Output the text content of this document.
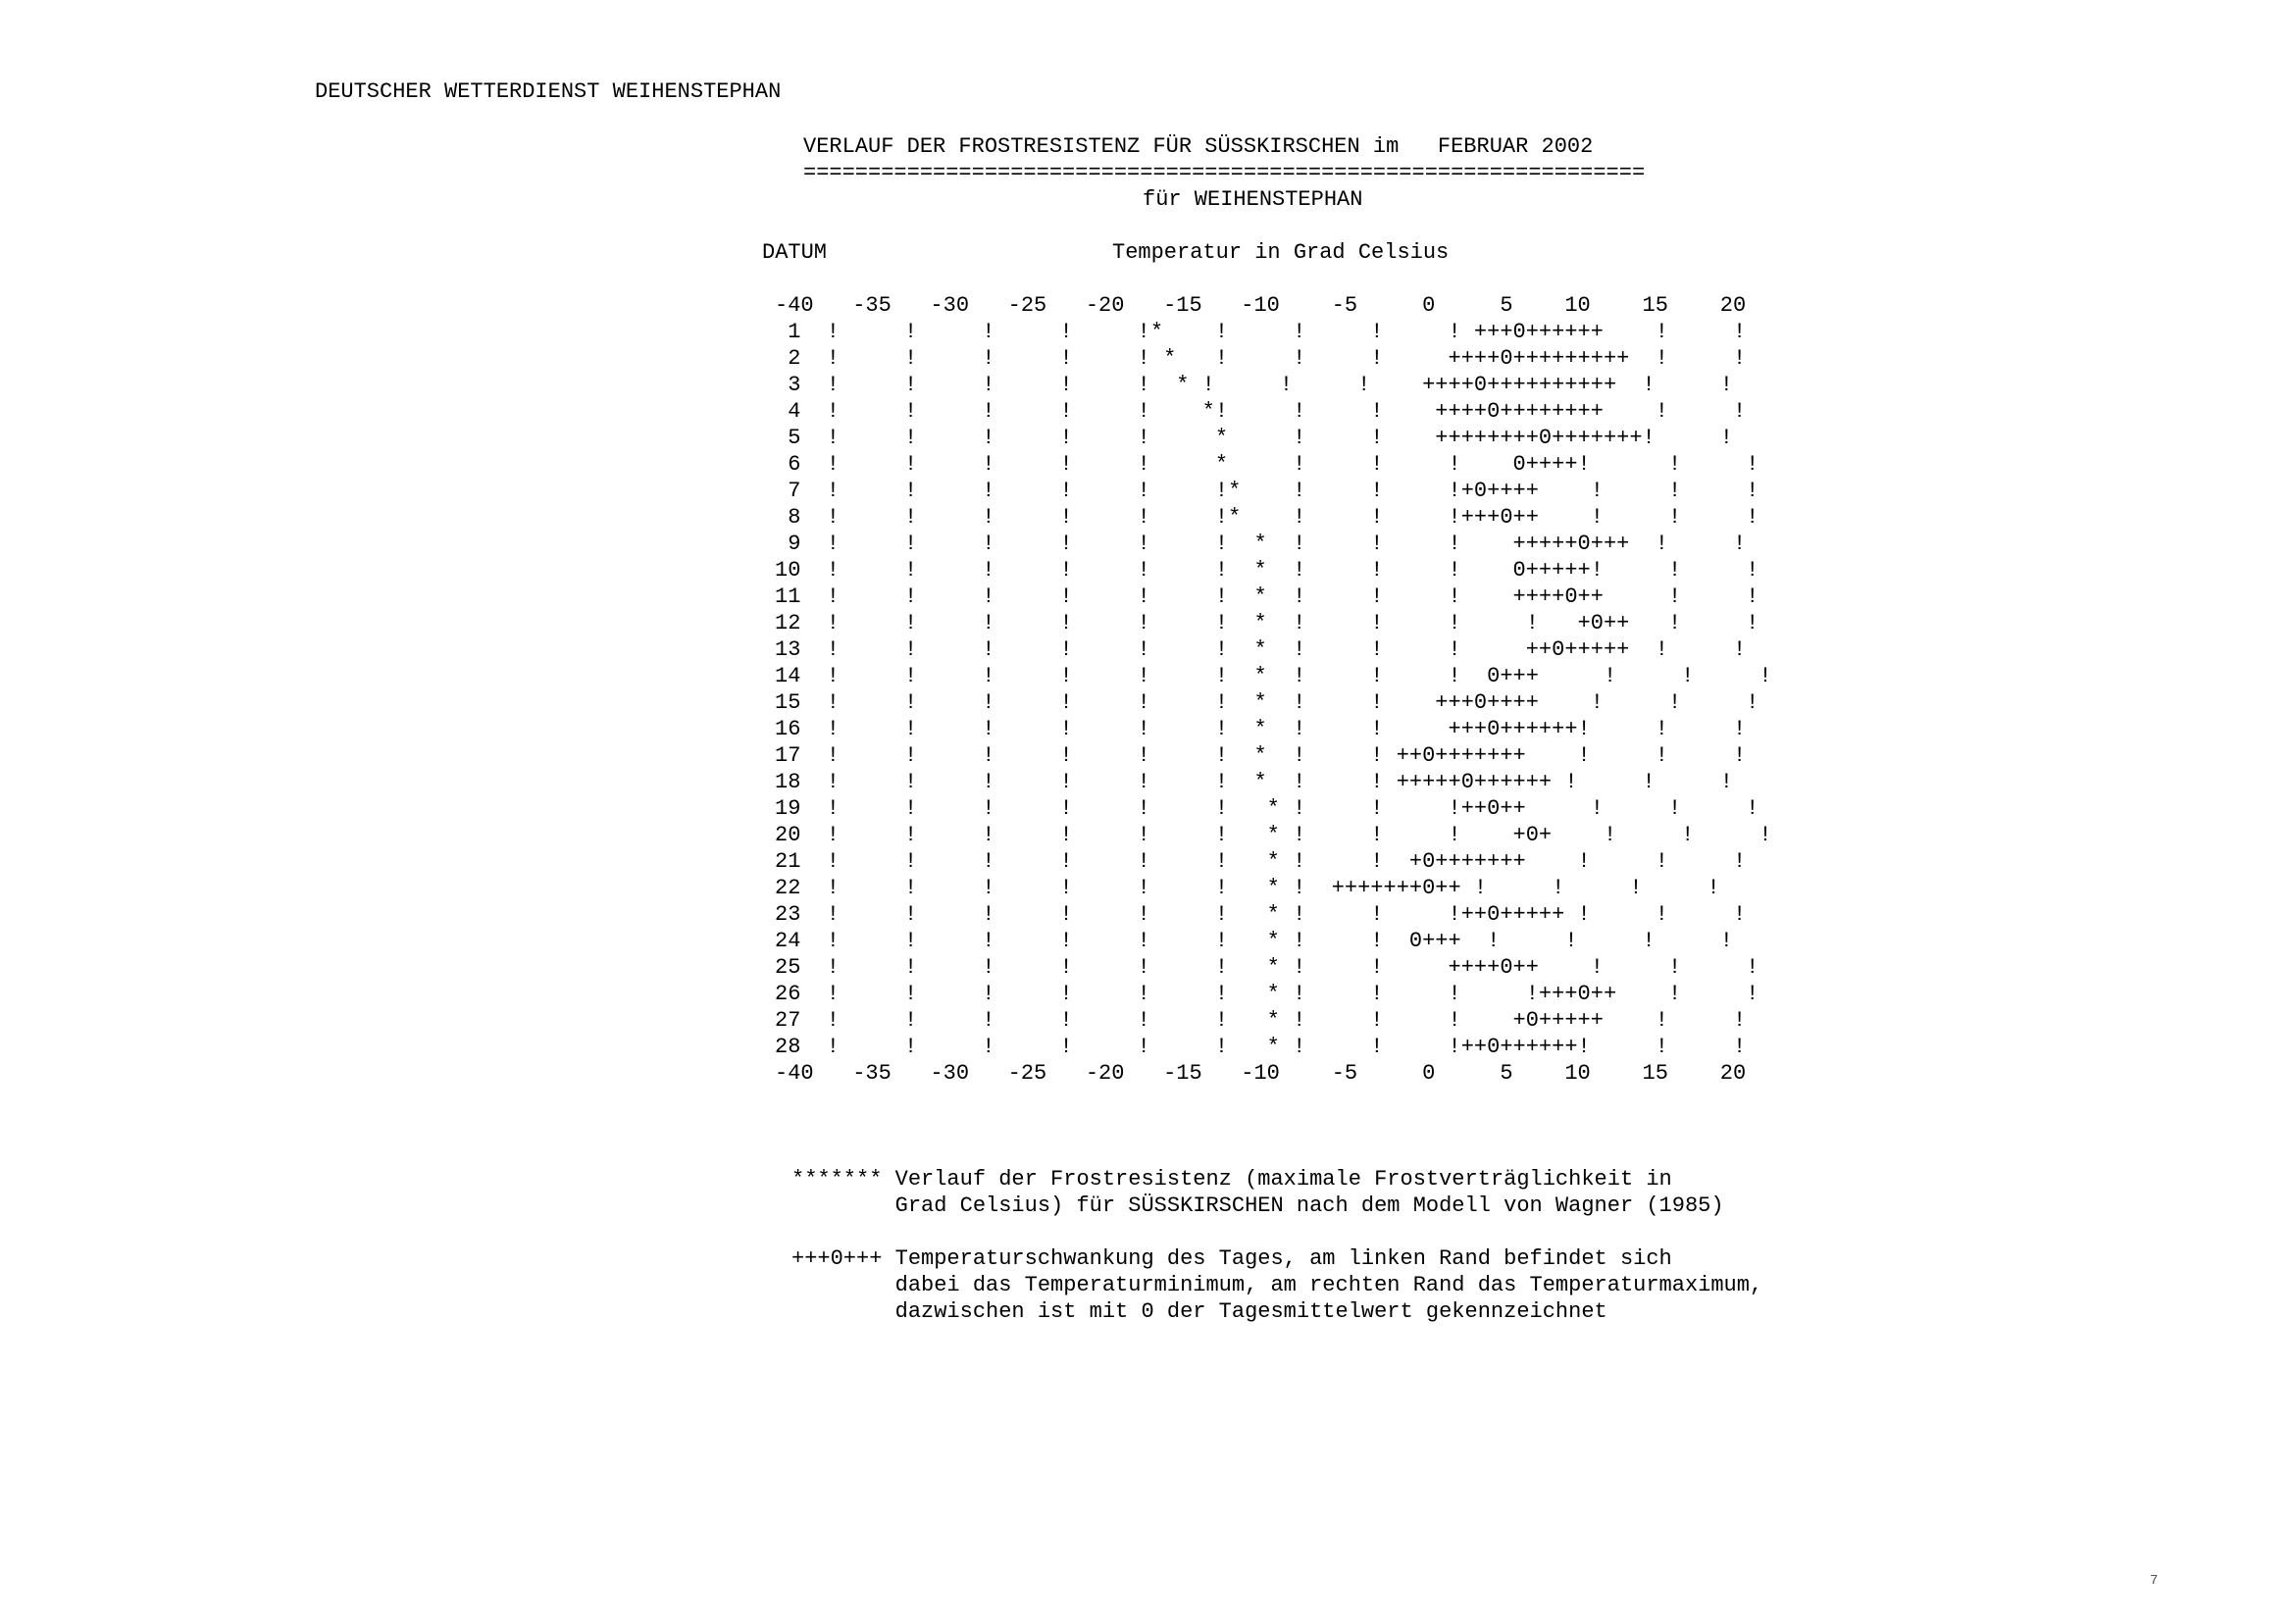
DEUTSCHER WETTERDIENST WEIHENSTEPHAN
VERLAUF DER FROSTRESISTENZ FÜR SÜSSKIRSCHEN im   FEBRUAR 2002
=================================================================
für WEIHENSTEPHAN
DATUM	Temperatur in Grad Celsius
-40   -35   -30   -25   -20   -15   -10    -5     0     5    10    15    20
1  !     !     !     !     !*    !     !     !     ! +++0++++++    !     !
2  !     !     !     !     ! *   !     !     !     ++++0+++++++++  !     !
3  !     !     !     !     !  * !     !     !    ++++0++++++++++  !     !
4  !     !     !     !     !    *!     !     !    ++++0++++++++    !     !
5  !     !     !     !     !     *     !     !    ++++++++0+++++++!     !
6  !     !     !     !     !     *     !     !     !    0++++!      !     !
7  !     !     !     !     !     !*    !     !     !+0++++    !     !     !
8  !     !     !     !     !     !*    !     !     !+++0++    !     !     !
9  !     !     !     !     !     !  *  !     !     !    +++++0+++  !     !
10  !     !     !     !     !     !  *  !     !     !    0+++++!     !     !
11  !     !     !     !     !     !  *  !     !     !    ++++0++     !     !
12  !     !     !     !     !     !  *  !     !     !     !   +0++   !     !
13  !     !     !     !     !     !  *  !     !     !     ++0+++++  !     !
14  !     !     !     !     !     !  *  !     !     !  0+++     !     !     !
15  !     !     !     !     !     !  *  !     !    +++0++++    !     !     !
16  !     !     !     !     !     !  *  !     !     +++0++++++!     !     !
17  !     !     !     !     !     !  *  !     ! ++0+++++++    !     !     !
18  !     !     !     !     !     !  *  !     ! +++++0++++++ !     !     !
19  !     !     !     !     !     !   * !     !     !++0++     !     !     !
20  !     !     !     !     !     !   * !     !     !    +0+    !     !     !
21  !     !     !     !     !     !   * !     !  +0+++++++    !     !     !
22  !     !     !     !     !     !   * !  +++++++0++ !     !     !     !
23  !     !     !     !     !     !   * !     !     !++0+++++ !     !     !
24  !     !     !     !     !     !   * !     !  0+++  !     !     !     !
25  !     !     !     !     !     !   * !     !     ++++0++    !     !     !
26  !     !     !     !     !     !   * !     !     !     !+++0++    !     !
27  !     !     !     !     !     !   * !     !     !    +0+++++    !     !
28  !     !     !     !     !     !   * !     !     !++0++++++!     !     !
-40   -35   -30   -25   -20   -15   -10    -5     0     5    10    15    20
******* Verlauf der Frostresistenz (maximale Frostverträglichkeit in
Grad Celsius) für SÜSSKIRSCHEN nach dem Modell von Wagner (1985)
+++0+++ Temperaturschwankung des Tages, am linken Rand befindet sich
dabei das Temperaturminimum, am rechten Rand das Temperaturmaximum,
dazwischen ist mit 0 der Tagesmittelwert gekennzeichnet
7
